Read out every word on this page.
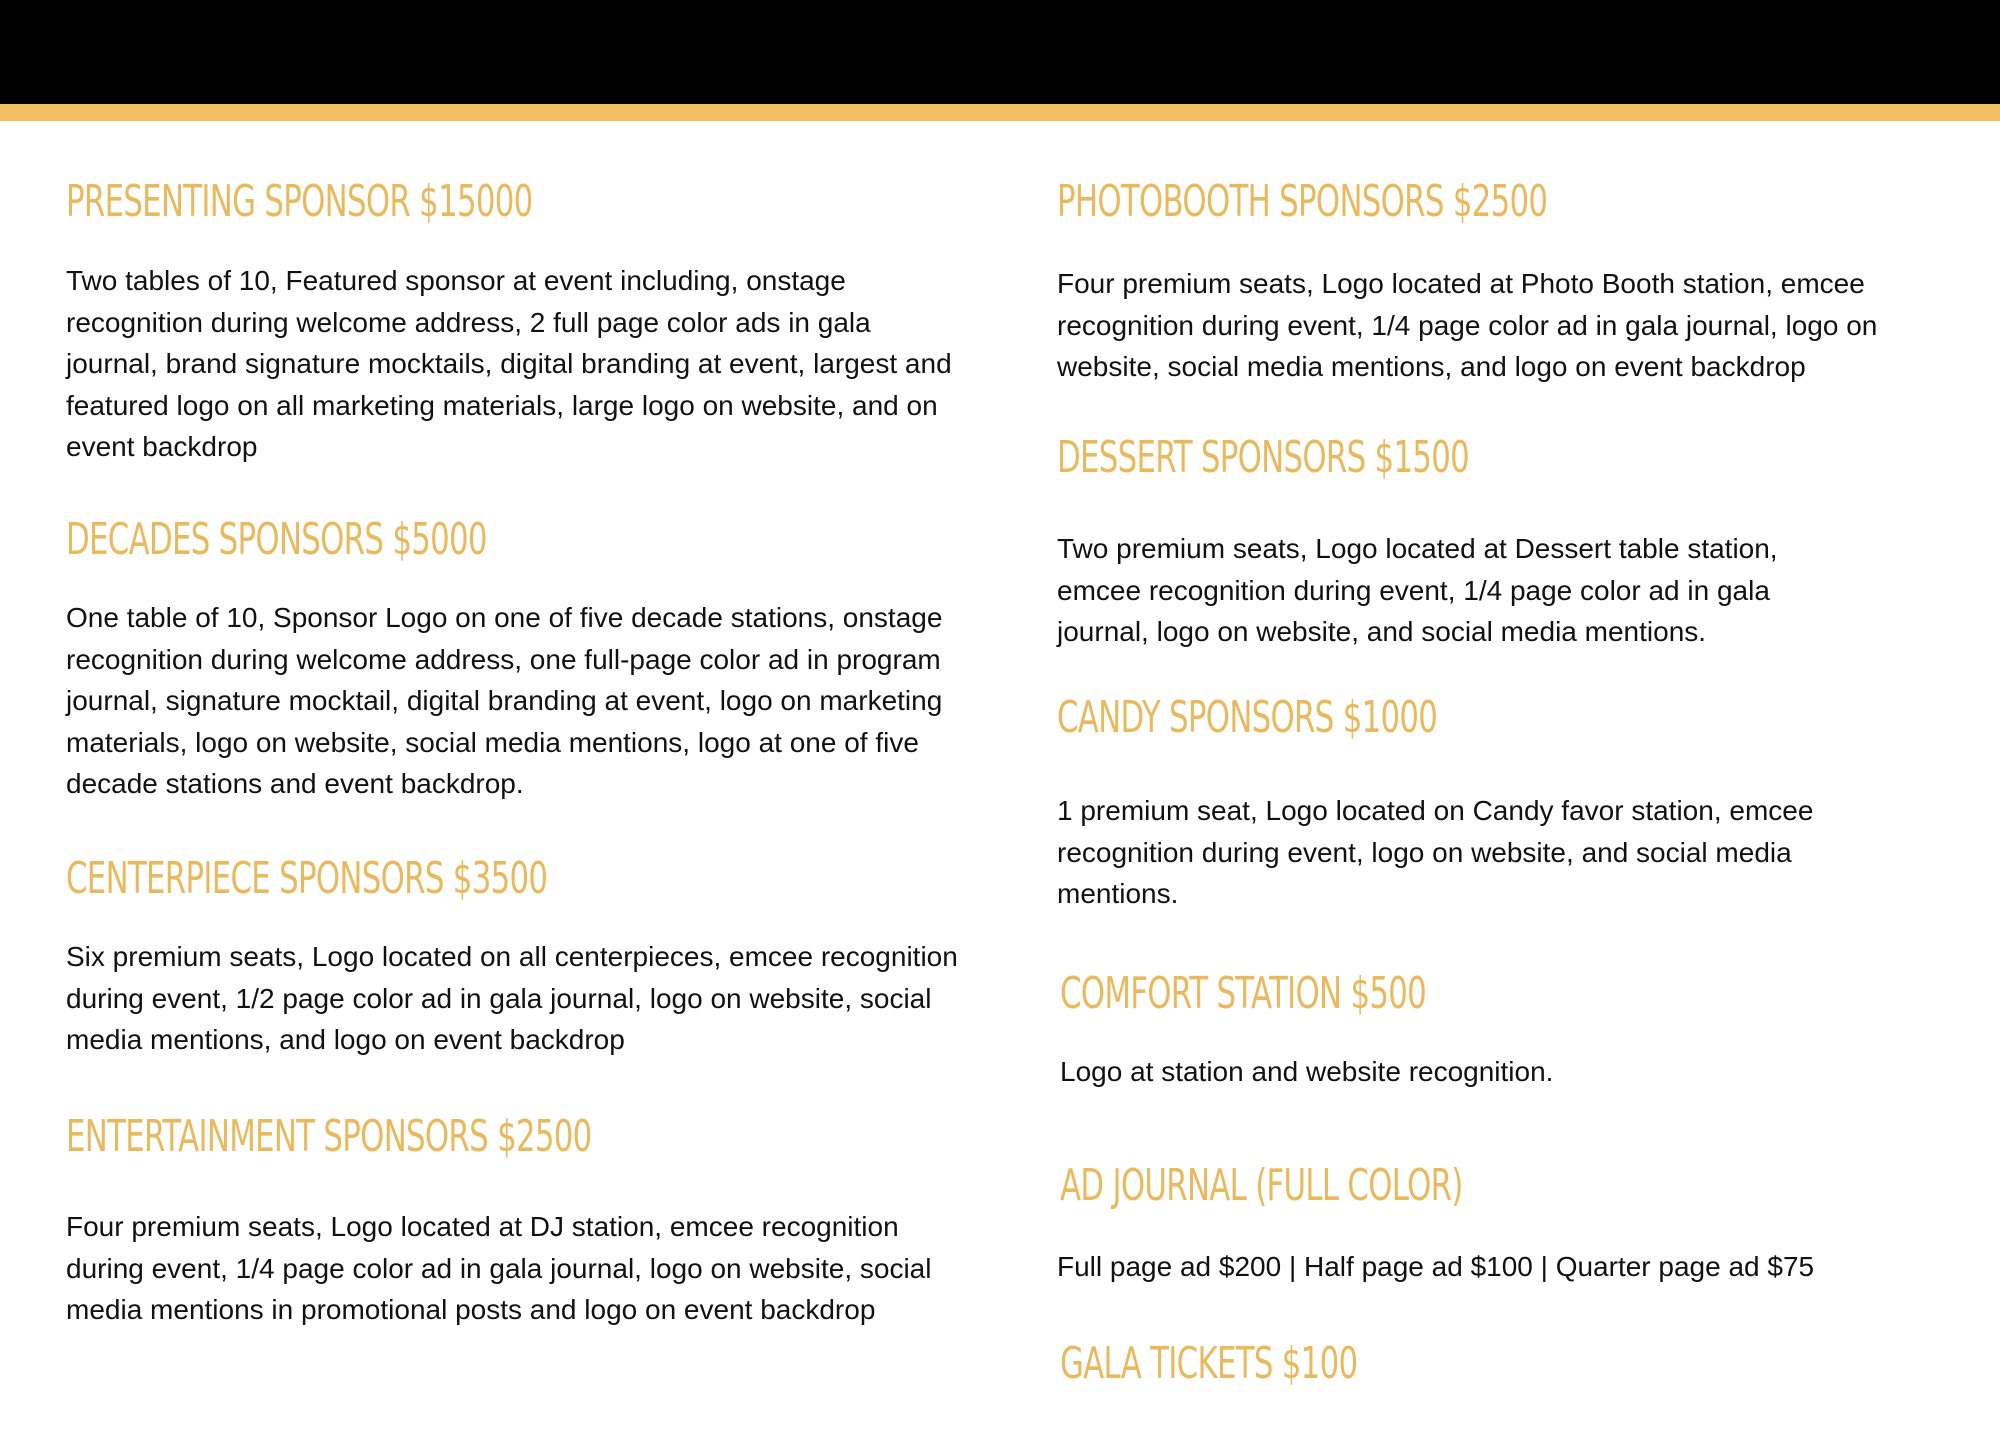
PRESENTING SPONSOR $15000

Two tables of 10, Featured sponsor at event including, onstage recognition during welcome address, 2 full page color ads in gala journal, brand signature mocktails, digital branding at event, largest and featured logo on all marketing materials, large logo on website, and on event backdrop

DECADES SPONSORS $5000

One table of 10, Sponsor Logo on one of five decade stations, onstage recognition during welcome address, one full-page color ad in program journal, signature mocktail, digital branding at event, logo on marketing materials, logo on website, social media mentions, logo at one of five decade stations and event backdrop.

CENTERPIECE SPONSORS $3500

Six premium seats, Logo located on all centerpieces, emcee recognition during event, 1/2 page color ad in gala journal, logo on website, social media mentions, and logo on event backdrop

ENTERTAINMENT SPONSORS $2500

Four premium seats, Logo located at DJ station, emcee recognition during event, 1/4 page color ad in gala journal, logo on website, social media mentions in promotional posts and logo on event backdrop

PHOTOBOOTH SPONSORS $2500

Four premium seats, Logo located at Photo Booth station, emcee recognition during event, 1/4 page color ad in gala journal, logo on website, social media mentions, and logo on event backdrop

DESSERT SPONSORS $1500

Two premium seats, Logo located at Dessert table station, emcee recognition during event, 1/4 page color ad in gala journal, logo on website, and social media mentions.

CANDY SPONSORS $1000

1 premium seat, Logo located on Candy favor station, emcee recognition during event, logo on website, and social media mentions.

COMFORT STATION $500

Logo at station and website recognition.

AD JOURNAL (FULL COLOR)

Full page ad $200 | Half page ad $100 | Quarter page ad $75

GALA TICKETS $100
